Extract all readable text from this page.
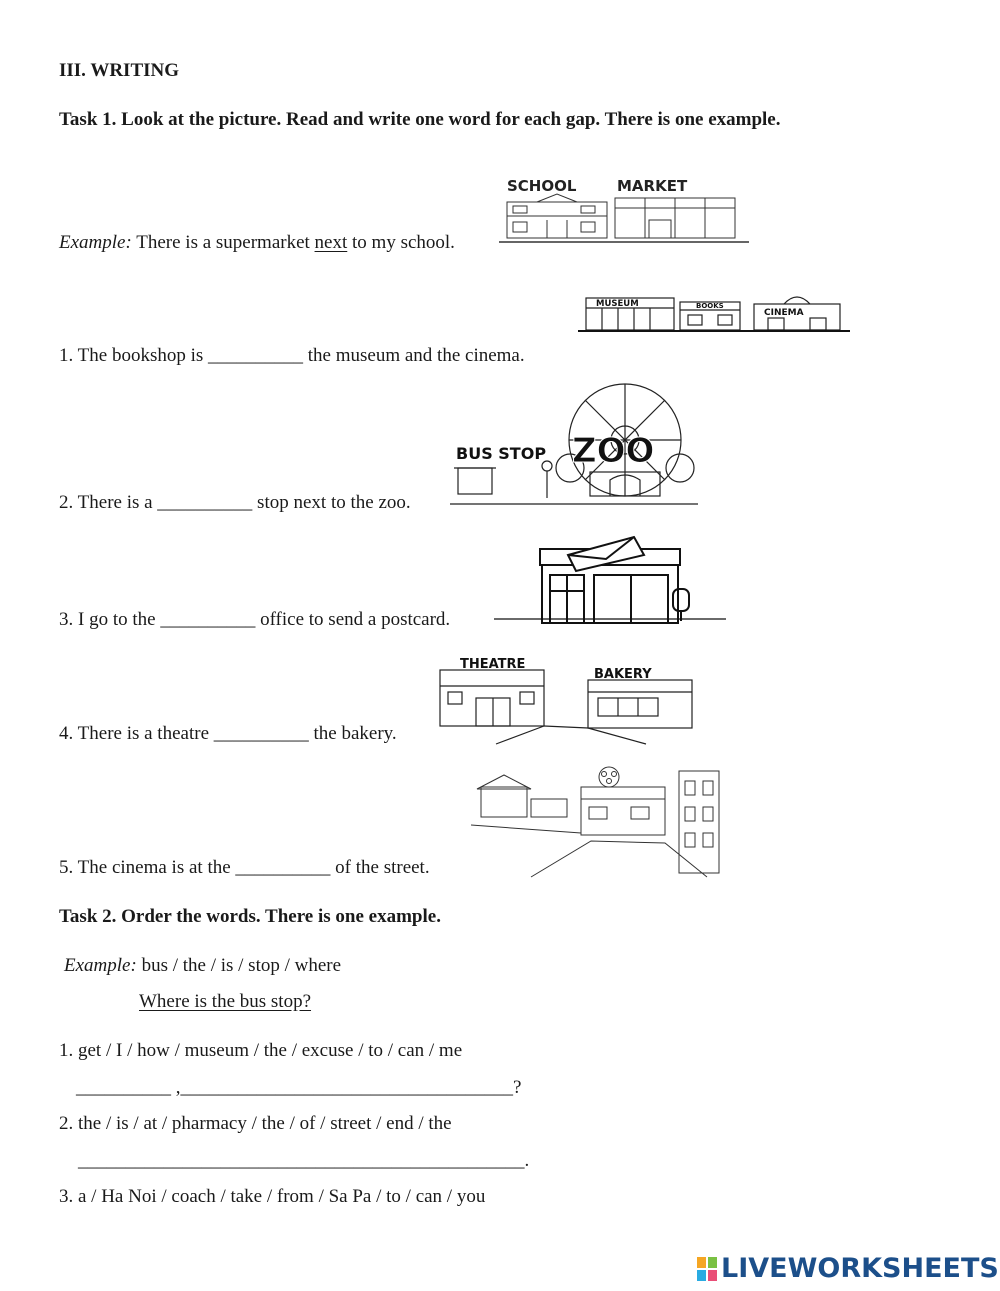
III. WRITING
Task 1. Look at the picture. Read and write one word for each gap. There is one example.
Example: There is a supermarket next to my school.
SCHOOL	MARKET
MUSEUM	BOOKS
CINEMA
1. The bookshop is __________ the museum and the cinema.
BUS STOP ZOO
2. There is a __________ stop next to the zoo.
3. I go to the __________ office to send a postcard.
THEATRE
BAKERY
4. There is a theatre __________ the bakery.
5. The cinema is at the __________ of the street.
Task 2. Order the words. There is one example.
Example: bus / the / is / stop / where
Where is the bus stop?
1. get / I / how / museum / the / excuse / to / can / me
__________ ,___________________________________?
2. the / is / at / pharmacy / the / of / street / end / the
_______________________________________________.
3. a / Ha Noi / coach / take / from / Sa Pa / to / can / you
LIVEWORKSHEETS
